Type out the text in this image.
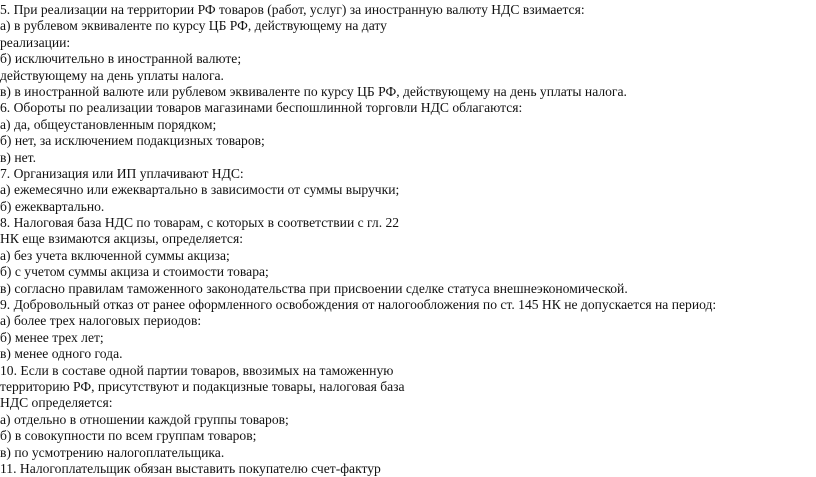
5. При реализации на территории РФ товаров (работ, услуг) за иностранную валюту НДС взимается:
а) в рублевом эквиваленте по курсу ЦБ РФ, действующему на дату
реализации:
б) исключительно в иностранной валюте;
действующему на день уплаты налога.
в) в иностранной валюте или рублевом эквиваленте по курсу ЦБ РФ, действующему на день уплаты налога.
6. Обороты по реализации товаров магазинами беспошлинной торговли НДС облагаются:
а) да, общеустановленным порядком;
б) нет, за исключением подакцизных товаров;
в) нет.
7. Организация или ИП уплачивают НДС:
а) ежемесячно или ежеквартально в зависимости от суммы выручки;
б) ежеквартально.
8. Налоговая база НДС по товарам, с которых в соответствии с гл. 22
НК еще взимаются акцизы, определяется:
а) без учета включенной суммы акциза;
б) с учетом суммы акциза и стоимости товара;
в) согласно правилам таможенного законодательства при присвоении сделке статуса внешнеэкономической.
9. Добровольный отказ от ранее оформленного освобождения от налогообложения по ст. 145 НК не допускается на период:
а) более трех налоговых периодов:
б) менее трех лет;
в) менее одного года.
10. Если в составе одной партии товаров, ввозимых на таможенную
территорию РФ, присутствуют и подакцизные товары, налоговая база
НДС определяется:
а) отдельно в отношении каждой группы товаров;
б) в совокупности по всем группам товаров;
в) по усмотрению налогоплательщика.
11. Налогоплательщик обязан выставить покупателю счет-фактур
